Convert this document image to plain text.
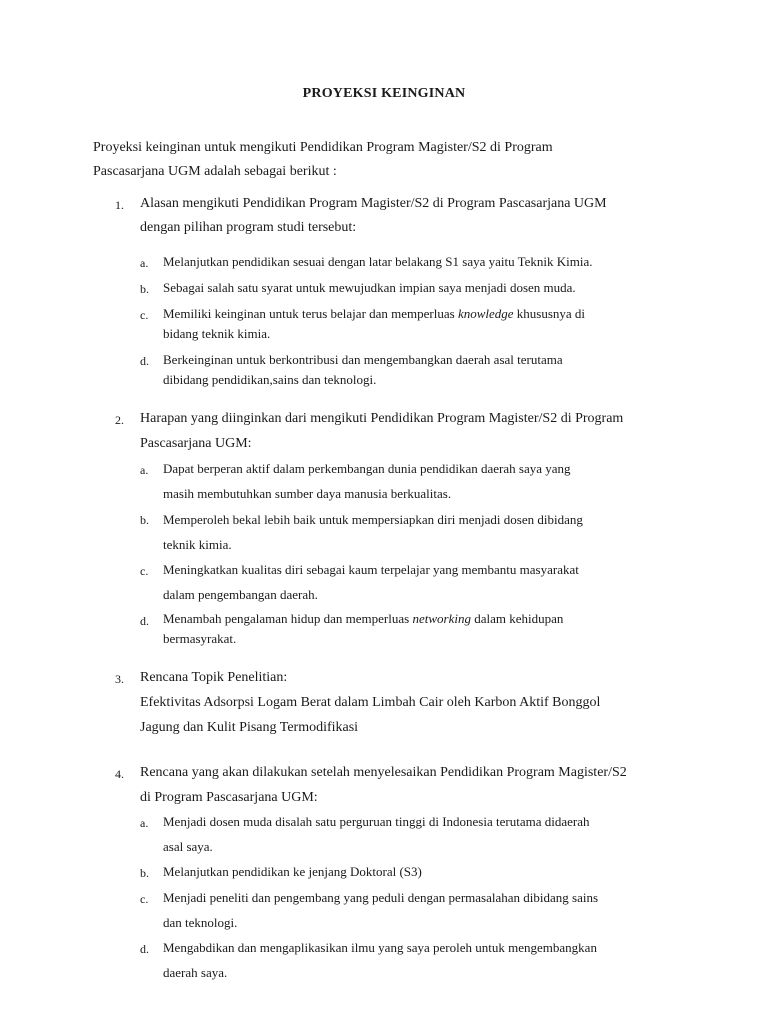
PROYEKSI KEINGINAN
Proyeksi keinginan untuk mengikuti Pendidikan Program Magister/S2 di Program
Pascasarjana UGM adalah sebagai berikut :
1. Alasan mengikuti Pendidikan Program Magister/S2 di Program Pascasarjana UGM
dengan pilihan program studi tersebut:
a. Melanjutkan pendidikan sesuai dengan latar belakang S1 saya yaitu Teknik Kimia.
b. Sebagai salah satu syarat untuk mewujudkan impian saya menjadi dosen muda.
c. Memiliki keinginan untuk terus belajar dan memperluas knowledge khususnya di
bidang teknik kimia.
d. Berkeinginan untuk berkontribusi dan mengembangkan daerah asal terutama
dibidang pendidikan,sains dan teknologi.
2. Harapan yang diinginkan dari mengikuti Pendidikan Program Magister/S2 di Program
Pascasarjana UGM:
a. Dapat berperan aktif dalam perkembangan dunia pendidikan daerah saya yang
masih membutuhkan sumber daya manusia berkualitas.
b. Memperoleh bekal lebih baik untuk mempersiapkan diri menjadi dosen dibidang
teknik kimia.
c. Meningkatkan kualitas diri sebagai kaum terpelajar yang membantu masyarakat
dalam pengembangan daerah.
d. Menambah pengalaman hidup dan memperluas networking dalam kehidupan
bermasyrakat.
3. Rencana Topik Penelitian:
Efektivitas Adsorpsi Logam Berat dalam Limbah Cair oleh Karbon Aktif Bonggol
Jagung dan Kulit Pisang Termodifikasi
4. Rencana yang akan dilakukan setelah menyelesaikan Pendidikan Program Magister/S2
di Program Pascasarjana UGM:
a. Menjadi dosen muda disalah satu perguruan tinggi di Indonesia terutama didaerah
asal saya.
b. Melanjutkan pendidikan ke jenjang Doktoral (S3)
c. Menjadi peneliti dan pengembang yang peduli dengan permasalahan dibidang sains
dan teknologi.
d. Mengabdikan dan mengaplikasikan ilmu yang saya peroleh untuk mengembangkan
daerah saya.
